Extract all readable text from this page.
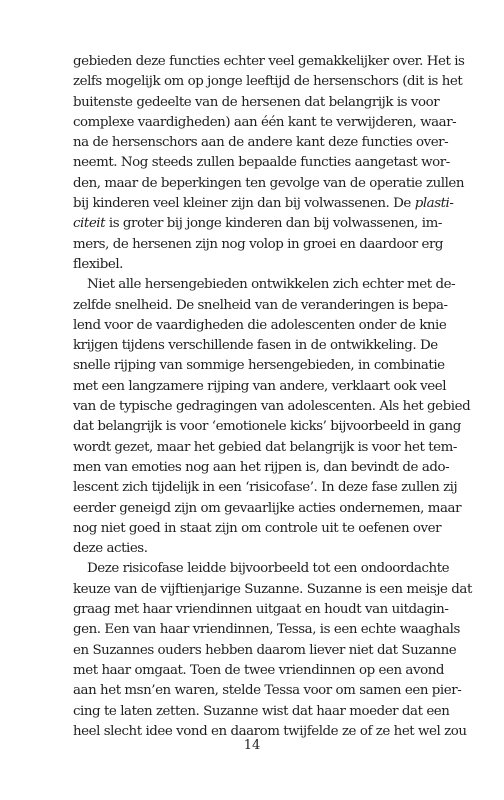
gebieden deze functies echter veel gemakkelijker over. Het is
zelfs mogelijk om op jonge leeftijd de hersenschors (dit is het
buitenste gedeelte van de hersenen dat belangrijk is voor
complexe vaardigheden) aan één kant te verwijderen, waar-
na de hersenschors aan de andere kant deze functies over-
neemt. Nog steeds zullen bepaalde functies aangetast wor-
den, maar de beperkingen ten gevolge van de operatie zullen
bij kinderen veel kleiner zijn dan bij volwassenen. De plasti-
citeit is groter bij jonge kinderen dan bij volwassenen, im-
mers, de hersenen zijn nog volop in groei en daardoor erg
flexibel.
Niet alle hersengebieden ontwikkelen zich echter met de-
zelfde snelheid. De snelheid van de veranderingen is bepa-
lend voor de vaardigheden die adolescenten onder de knie
krijgen tijdens verschillende fasen in de ontwikkeling. De
snelle rijping van sommige hersengebieden, in combinatie
met een langzamere rijping van andere, verklaart ook veel
van de typische gedragingen van adolescenten. Als het gebied
dat belangrijk is voor ‘emotionele kicks’ bijvoorbeeld in gang
wordt gezet, maar het gebied dat belangrijk is voor het tem-
men van emoties nog aan het rijpen is, dan bevindt de ado-
lescent zich tijdelijk in een ‘risicofase’. In deze fase zullen zij
eerder geneigd zijn om gevaarlijke acties ondernemen, maar
nog niet goed in staat zijn om controle uit te oefenen over
deze acties.
Deze risicofase leidde bijvoorbeeld tot een ondoordachte
keuze van de vijftienjarige Suzanne. Suzanne is een meisje dat
graag met haar vriendinnen uitgaat en houdt van uitdagin-
gen. Een van haar vriendinnen, Tessa, is een echte waaghals
en Suzannes ouders hebben daarom liever niet dat Suzanne
met haar omgaat. Toen de twee vriendinnen op een avond
aan het msn’en waren, stelde Tessa voor om samen een pier-
cing te laten zetten. Suzanne wist dat haar moeder dat een
heel slecht idee vond en daarom twijfelde ze of ze het wel zou
14
